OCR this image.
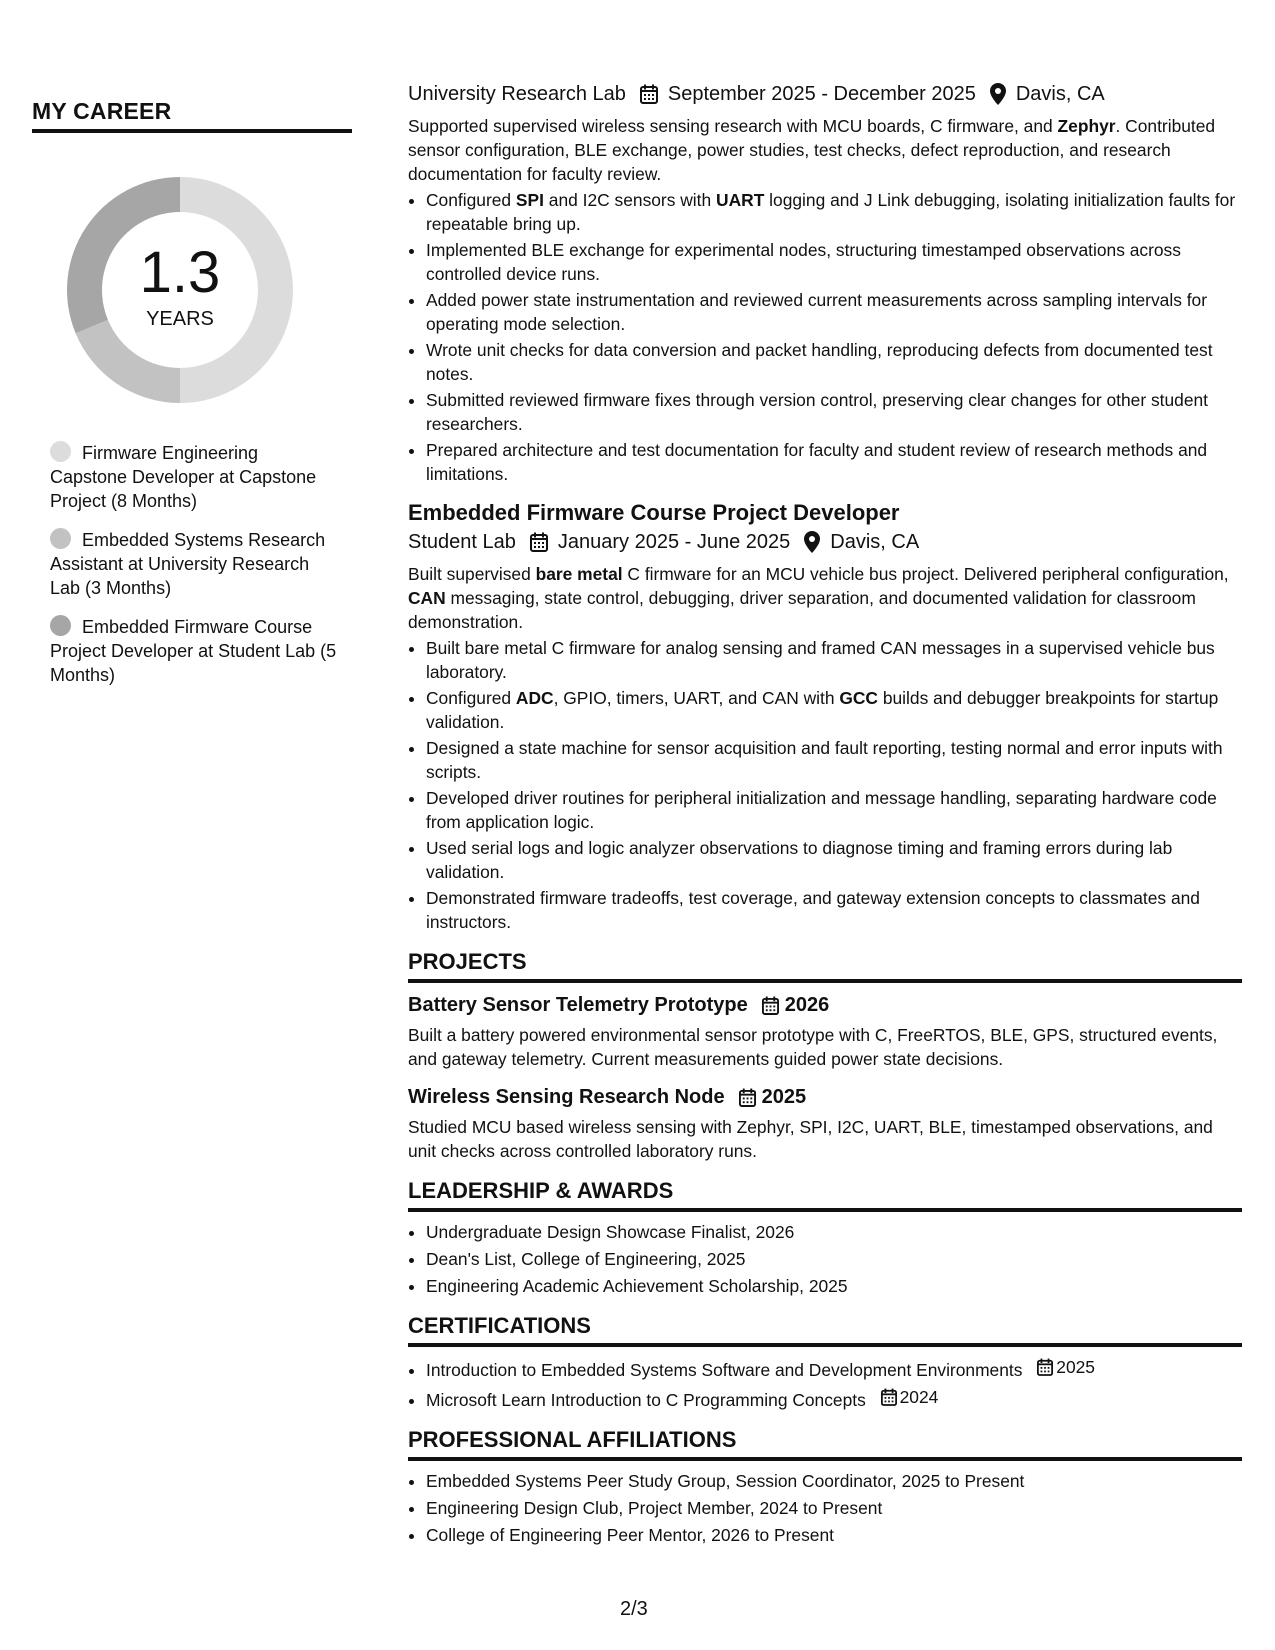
MY CAREER
1.3
YEARS
Firmware Engineering Capstone Developer at Capstone Project (8 Months)
Embedded Systems Research Assistant at University Research Lab (3 Months)
Embedded Firmware Course Project Developer at Student Lab (5 Months)
University Research Lab September 2025 - December 2025 Davis, CA
Supported supervised wireless sensing research with MCU boards, C firmware, and Zephyr. Contributed sensor configuration, BLE exchange, power studies, test checks, defect reproduction, and research documentation for faculty review.
• Configured SPI and I2C sensors with UART logging and J Link debugging, isolating initialization faults for repeatable bring up.
• Implemented BLE exchange for experimental nodes, structuring timestamped observations across controlled device runs.
• Added power state instrumentation and reviewed current measurements across sampling intervals for operating mode selection.
• Wrote unit checks for data conversion and packet handling, reproducing defects from documented test notes.
• Submitted reviewed firmware fixes through version control, preserving clear changes for other student researchers.
• Prepared architecture and test documentation for faculty and student review of research methods and limitations.
Embedded Firmware Course Project Developer
Student Lab January 2025 - June 2025 Davis, CA
Built supervised bare metal C firmware for an MCU vehicle bus project. Delivered peripheral configuration, CAN messaging, state control, debugging, driver separation, and documented validation for classroom demonstration.
• Built bare metal C firmware for analog sensing and framed CAN messages in a supervised vehicle bus laboratory.
• Configured ADC, GPIO, timers, UART, and CAN with GCC builds and debugger breakpoints for startup validation.
• Designed a state machine for sensor acquisition and fault reporting, testing normal and error inputs with scripts.
• Developed driver routines for peripheral initialization and message handling, separating hardware code from application logic.
• Used serial logs and logic analyzer observations to diagnose timing and framing errors during lab validation.
• Demonstrated firmware tradeoffs, test coverage, and gateway extension concepts to classmates and instructors.
PROJECTS
Battery Sensor Telemetry Prototype 2026
Built a battery powered environmental sensor prototype with C, FreeRTOS, BLE, GPS, structured events, and gateway telemetry. Current measurements guided power state decisions.
Wireless Sensing Research Node 2025
Studied MCU based wireless sensing with Zephyr, SPI, I2C, UART, BLE, timestamped observations, and unit checks across controlled laboratory runs.
LEADERSHIP & AWARDS
• Undergraduate Design Showcase Finalist, 2026
• Dean's List, College of Engineering, 2025
• Engineering Academic Achievement Scholarship, 2025
CERTIFICATIONS
• Introduction to Embedded Systems Software and Development Environments 2025
• Microsoft Learn Introduction to C Programming Concepts 2024
PROFESSIONAL AFFILIATIONS
• Embedded Systems Peer Study Group, Session Coordinator, 2025 to Present
• Engineering Design Club, Project Member, 2024 to Present
• College of Engineering Peer Mentor, 2026 to Present
2/3
